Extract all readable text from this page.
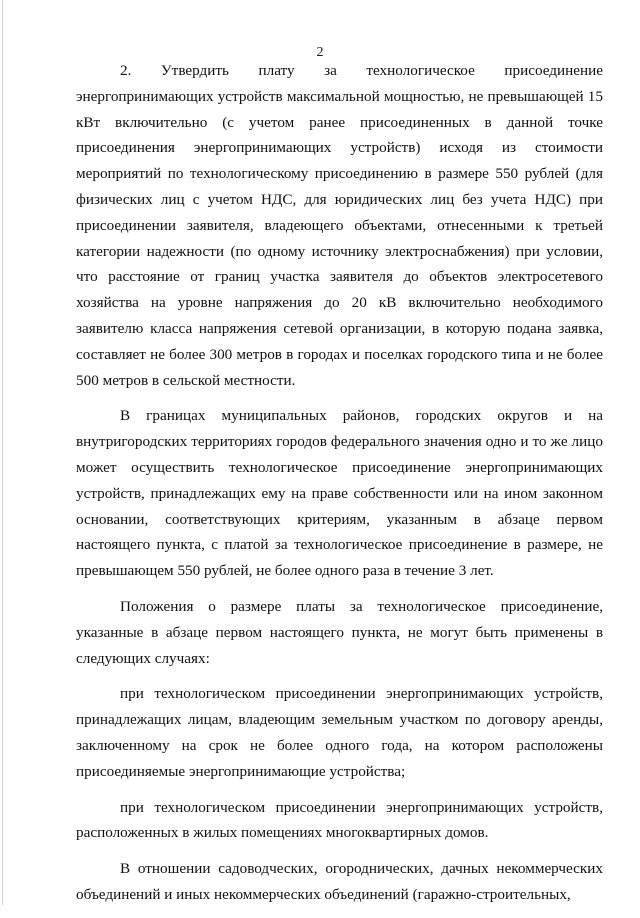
2

2. Утвердить плату за технологическое присоединение энергопринимающих устройств максимальной мощностью, не превышающей 15 кВт включительно (с учетом ранее присоединенных в данной точке присоединения энергопринимающих устройств) исходя из стоимости мероприятий по технологическому присоединению в размере 550 рублей (для физических лиц с учетом НДС, для юридических лиц без учета НДС) при присоединении заявителя, владеющего объектами, отнесенными к третьей категории надежности (по одному источнику электроснабжения) при условии, что расстояние от границ участка заявителя до объектов электросетевого хозяйства на уровне напряжения до 20 кВ включительно необходимого заявителю класса напряжения сетевой организации, в которую подана заявка, составляет не более 300 метров в городах и поселках городского типа и не более 500 метров в сельской местности.

В границах муниципальных районов, городских округов и на внутригородских территориях городов федерального значения одно и то же лицо может осуществить технологическое присоединение энергопринимающих устройств, принадлежащих ему на праве собственности или на ином законном основании, соответствующих критериям, указанным в абзаце первом настоящего пункта, с платой за технологическое присоединение в размере, не превышающем 550 рублей, не более одного раза в течение 3 лет.

Положения о размере платы за технологическое присоединение, указанные в абзаце первом настоящего пункта, не могут быть применены в следующих случаях:

при технологическом присоединении энергопринимающих устройств, принадлежащих лицам, владеющим земельным участком по договору аренды, заключенному на срок не более одного года, на котором расположены присоединяемые энергопринимающие устройства;

при технологическом присоединении энергопринимающих устройств, расположенных в жилых помещениях многоквартирных домов.

В отношении садоводческих, огороднических, дачных некоммерческих объединений и иных некоммерческих объединений (гаражно-строительных,
